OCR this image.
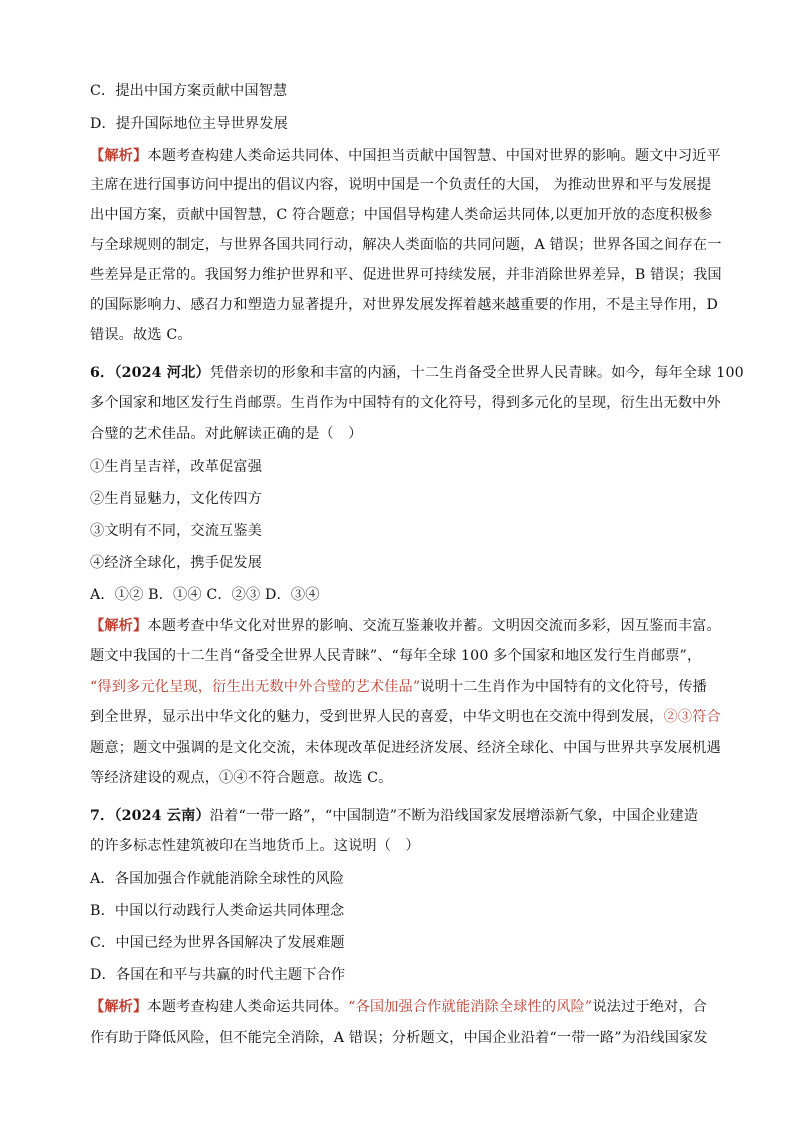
C．提出中国方案贡献中国智慧
D．提升国际地位主导世界发展
【解析】本题考查构建人类命运共同体、中国担当贡献中国智慧、中国对世界的影响。题文中习近平
主席在进行国事访问中提出的倡议内容，说明中国是一个负责任的大国， 为推动世界和平与发展提
出中国方案，贡献中国智慧，C 符合题意；中国倡导构建人类命运共同体,以更加开放的态度积极参
与全球规则的制定，与世界各国共同行动，解决人类面临的共同问题，A 错误；世界各国之间存在一
些差异是正常的。我国努力维护世界和平、促进世界可持续发展，并非消除世界差异，B 错误；我国
的国际影响力、感召力和塑造力显著提升，对世界发展发挥着越来越重要的作用，不是主导作用，D
错误。故选 C。
6．（2024 河北）凭借亲切的形象和丰富的内涵，十二生肖备受全世界人民青睐。如今，每年全球 100
多个国家和地区发行生肖邮票。生肖作为中国特有的文化符号，得到多元化的呈现，衍生出无数中外
合璧的艺术佳品。对此解读正确的是（　）
①生肖呈吉祥，改革促富强
②生肖显魅力，文化传四方
③文明有不同，交流互鉴美
④经济全球化，携手促发展
A．①② B．①④ C．②③ D．③④
【解析】本题考查中华文化对世界的影响、交流互鉴兼收并蓄。文明因交流而多彩，因互鉴而丰富。
题文中我国的十二生肖“备受全世界人民青睐”、“每年全球 100 多个国家和地区发行生肖邮票”，
“得到多元化呈现，衍生出无数中外合璧的艺术佳品”说明十二生肖作为中国特有的文化符号，传播
到全世界，显示出中华文化的魅力，受到世界人民的喜爱，中华文明也在交流中得到发展，②③符合
题意；题文中强调的是文化交流，未体现改革促进经济发展、经济全球化、中国与世界共享发展机遇
等经济建设的观点，①④不符合题意。故选 C。
7．（2024 云南）沿着“一带一路”，“中国制造”不断为沿线国家发展增添新气象，中国企业建造
的许多标志性建筑被印在当地货币上。这说明（　）
A．各国加强合作就能消除全球性的风险
B．中国以行动践行人类命运共同体理念
C．中国已经为世界各国解决了发展难题
D．各国在和平与共赢的时代主题下合作
【解析】本题考查构建人类命运共同体。“各国加强合作就能消除全球性的风险”说法过于绝对，合
作有助于降低风险，但不能完全消除，A 错误；分析题文，中国企业沿着“一带一路”为沿线国家发
